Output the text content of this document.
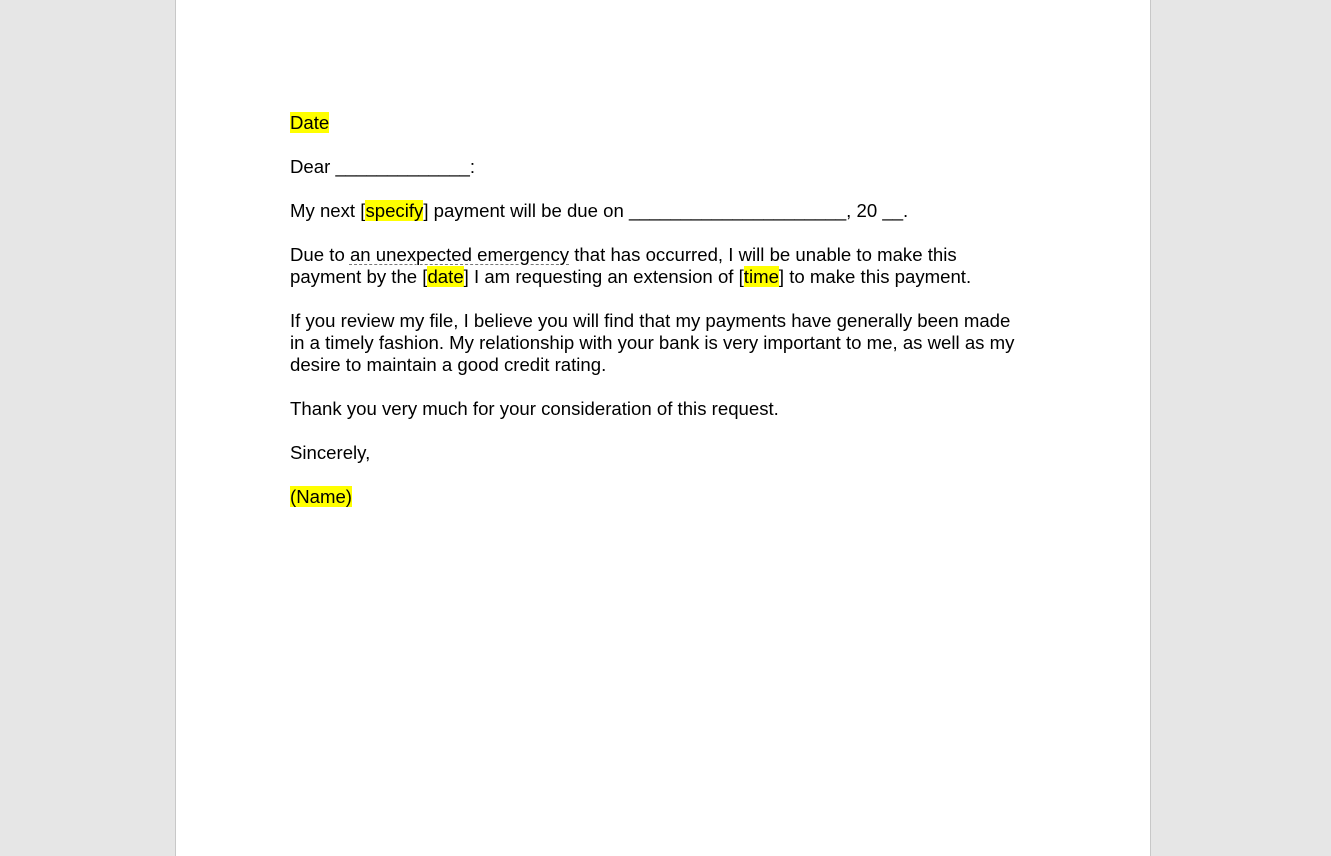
Date

Dear _____________:

My next [specify] payment will be due on _____________________, 20 __.

Due to an unexpected emergency that has occurred, I will be unable to make this
payment by the [date] I am requesting an extension of [time] to make this payment.

If you review my file, I believe you will find that my payments have generally been made
in a timely fashion. My relationship with your bank is very important to me, as well as my
desire to maintain a good credit rating.

Thank you very much for your consideration of this request.

Sincerely,

(Name)
